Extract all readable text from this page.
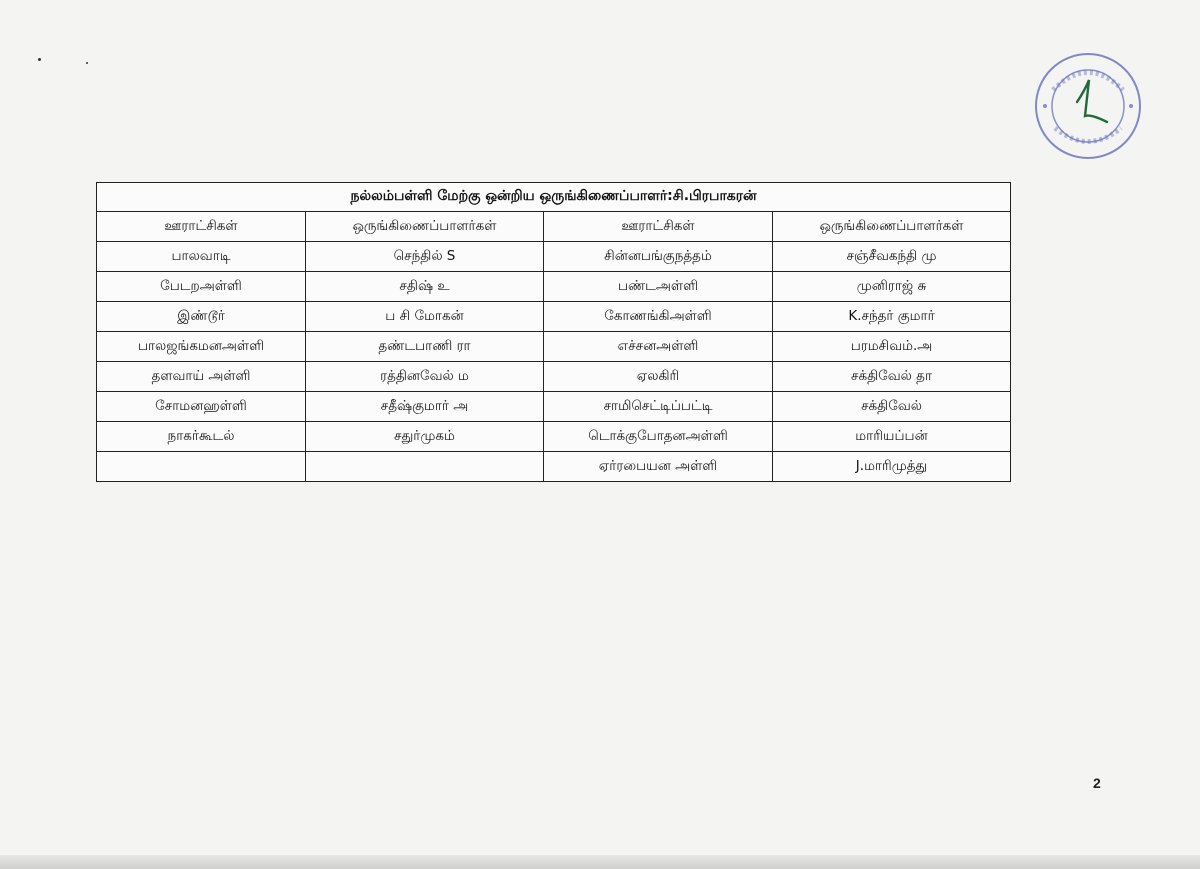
நல்லம்பள்ளி மேற்கு ஒன்றிய ஒருங்கிணைப்பாளர்:சி.பிரபாகரன்			
ஊராட்சிகள்	ஒருங்கிணைப்பாளர்கள்	ஊராட்சிகள்	ஒருங்கிணைப்பாளர்கள்
பாலவாடி	செந்தில் S	சின்னபங்குநத்தம்	சஞ்சீவகந்தி மு
பேடறஅள்ளி	சதிஷ் உ	பண்டஅள்ளி	முனிராஜ் சு
இண்டூர்	ப சி மோகன்	கோணங்கிஅள்ளி	K.சந்தர் குமார்
பாலஜங்கமனஅள்ளி	தண்டபாணி ரா	எச்சனஅள்ளி	பரமசிவம்.அ
தளவாய் அள்ளி	ரத்தினவேல் ம	ஏலகிரி	சக்திவேல் தா
சோமனஹள்ளி	சதீஷ்குமார் அ	சாமிசெட்டிப்பட்டி	சக்திவேல்
நாகர்கூடல்	சதுர்முகம்	டொக்குபோதனஅள்ளி	மாரியப்பன்
		ஏர்ரபையன அள்ளி	J.மாரிமுத்து
2
